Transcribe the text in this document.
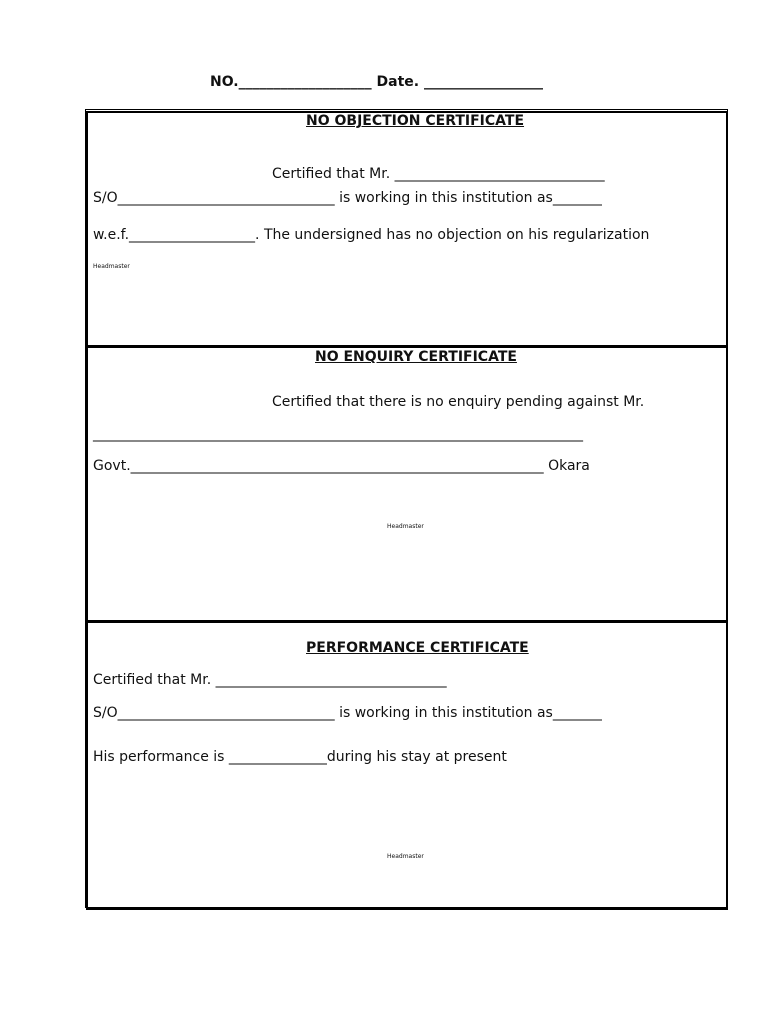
NO.___________________ Date. _________________
NO OBJECTION CERTIFICATE
Certified that Mr. ______________________________
S/O_______________________________ is working in this institution as_______
w.e.f.__________________. The undersigned has no objection on his regularization
Headmaster
NO ENQUIRY CERTIFICATE
Certified that there is no enquiry pending against Mr.
______________________________________________________________________
Govt.___________________________________________________________ Okara
Headmaster
PERFORMANCE CERTIFICATE
Certified that Mr. _________________________________
S/O_______________________________ is working in this institution as_______
His performance is ______________during his stay at present
Headmaster
